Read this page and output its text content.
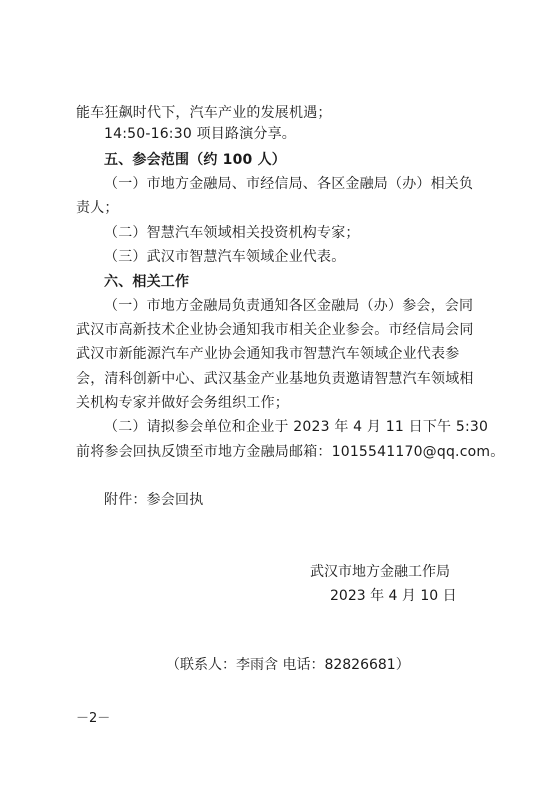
能车狂飙时代下，汽车产业的发展机遇；
14:50-16:30 项目路演分享。
五、参会范围（约 100 人）
（一）市地方金融局、市经信局、各区金融局（办）相关负
责人；
（二）智慧汽车领域相关投资机构专家；
（三）武汉市智慧汽车领域企业代表。
六、相关工作
（一）市地方金融局负责通知各区金融局（办）参会，会同
武汉市高新技术企业协会通知我市相关企业参会。市经信局会同
武汉市新能源汽车产业协会通知我市智慧汽车领域企业代表参
会，清科创新中心、武汉基金产业基地负责邀请智慧汽车领域相
关机构专家并做好会务组织工作；
（二）请拟参会单位和企业于 2023 年 4 月 11 日下午 5:30
前将参会回执反馈至市地方金融局邮箱：1015541170@qq.com。
附件：参会回执
武汉市地方金融工作局
2023 年 4 月 10 日
（联系人：李雨含 电话：82826681）
－2－
